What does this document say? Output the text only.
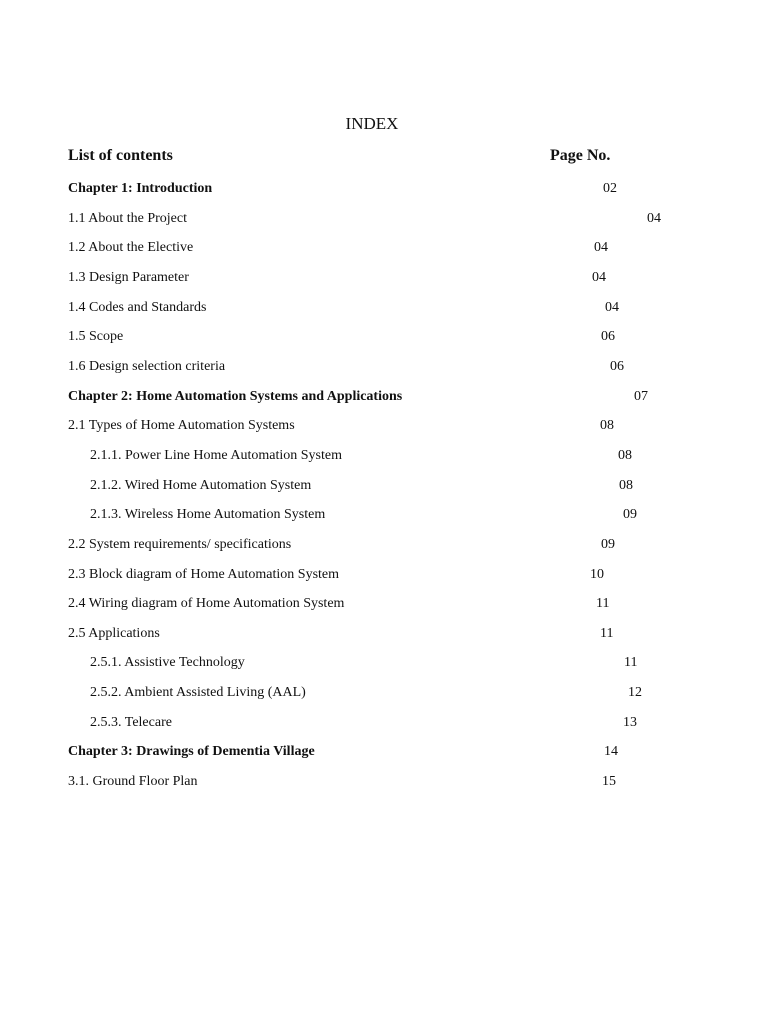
INDEX
List of contents	Page No.
Chapter 1: Introduction	02
1.1 About the Project	04
1.2 About the Elective	04
1.3 Design Parameter	04
1.4 Codes and Standards	04
1.5 Scope	06
1.6 Design selection criteria	06
Chapter 2: Home Automation Systems and Applications	07
2.1 Types of Home Automation Systems	08
2.1.1. Power Line Home Automation System	08
2.1.2. Wired Home Automation System	08
2.1.3. Wireless Home Automation System	09
2.2 System requirements/ specifications	09
2.3 Block diagram of Home Automation System	10
2.4 Wiring diagram of Home Automation System	11
2.5 Applications	11
2.5.1. Assistive Technology	11
2.5.2. Ambient Assisted Living (AAL)	12
2.5.3. Telecare	13
Chapter 3: Drawings of Dementia Village	14
3.1. Ground Floor Plan	15
